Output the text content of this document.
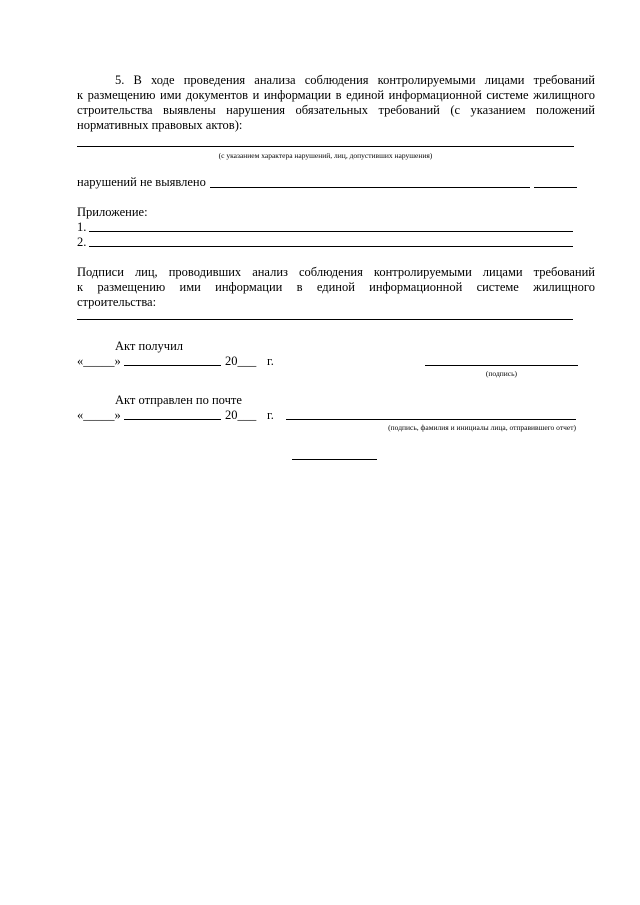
5. В ходе проведения анализа соблюдения контролируемыми лицами требований
к размещению ими документов и информации в единой информационной системе жилищного
строительства выявлены нарушения обязательных требований (с указанием положений
нормативных правовых актов):
(с указанием характера нарушений, лиц, допустивших нарушения)
нарушений не выявлено
Приложение:
1.
2.
Подписи лиц, проводивших анализ соблюдения контролируемыми лицами требований
к размещению ими информации в единой информационной системе жилищного
строительства:
Акт получил
«_____»	20___ г.
(подпись)
Акт отправлен по почте
«_____»	20___ г.
(подпись, фамилия и инициалы лица, отправившего отчет)
